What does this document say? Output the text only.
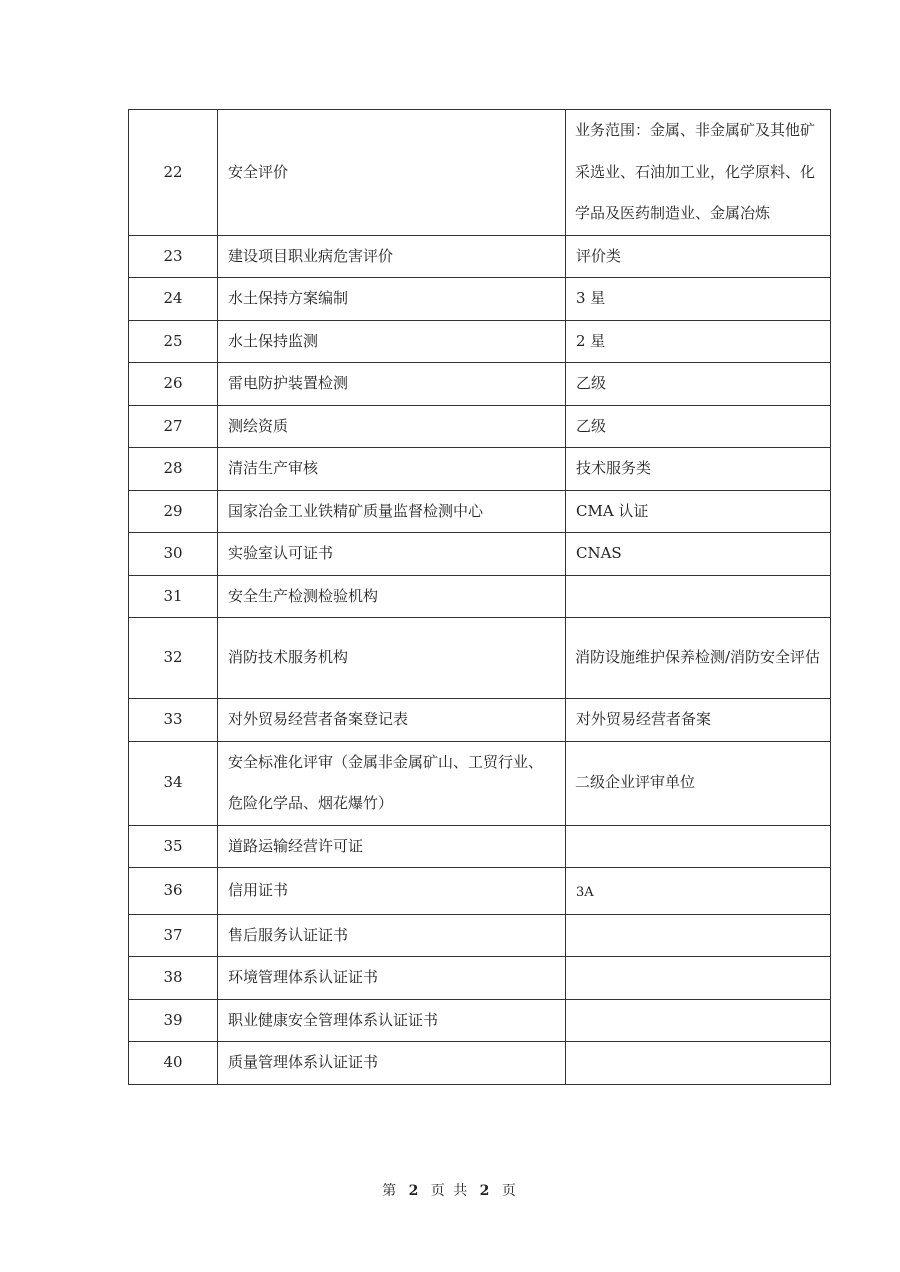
22	安全评价	业务范围：金属、非金属矿及其他矿采选业、石油加工业，化学原料、化学品及医药制造业、金属冶炼
23	建设项目职业病危害评价	评价类
24	水土保持方案编制	3 星
25	水土保持监测	2 星
26	雷电防护装置检测	乙级
27	测绘资质	乙级
28	清洁生产审核	技术服务类
29	国家冶金工业铁精矿质量监督检测中心	CMA 认证
30	实验室认可证书	CNAS
31	安全生产检测检验机构	
32	消防技术服务机构	消防设施维护保养检测/消防安全评估
33	对外贸易经营者备案登记表	对外贸易经营者备案
34	安全标准化评审（金属非金属矿山、工贸行业、危险化学品、烟花爆竹）	二级企业评审单位
35	道路运输经营许可证	
36	信用证书	3A
37	售后服务认证证书	
38	环境管理体系认证证书	
39	职业健康安全管理体系认证证书	
40	质量管理体系认证证书	
第 2 页 共 2 页
